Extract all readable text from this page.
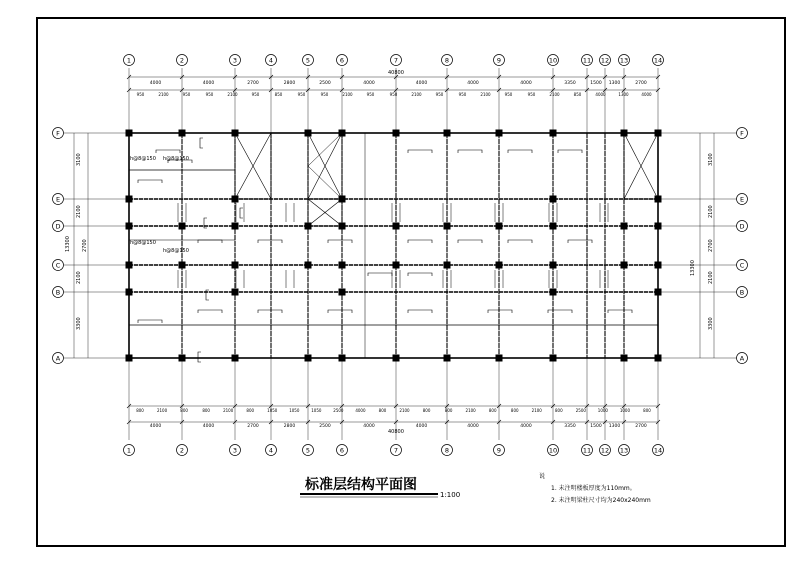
1
1
2
2
3
3
4
4
5
5
6
6
7
7
8
8
9
9
10
10
11
11
12
12
13
13
14
14
F	F
E	E
D	D
C	C
B	B
A	A
4000	4000	2700	2800	2500	4000	4000	4000	4000	3350	1500 1300	2700
4000	4000	2700	2800	2500	4000	4000	4000	4000	3350	1500 1300	2700
950	2100	950	950	2100	950	850	950	950	2100	950	950	2100	950	950	2100	950	950	2100	850	4000	1300	4000
800	2100	800	800	2100	800	1050	1050	1050	2500	4000	800	2100	800	800	2100	800	800	2100	800	2500	1000	1000	800
标准层结构平面图
1:100
说
1. 未注明楼板厚度为110mm。
2. 未注明梁柱尺寸均为240x240mm
h@8@150 h@8@150
h@8@150
h@8@150
3100
2100
2700
2100
3300
13300
3100
2100
2700
2100
3300
13300
40800
40800
